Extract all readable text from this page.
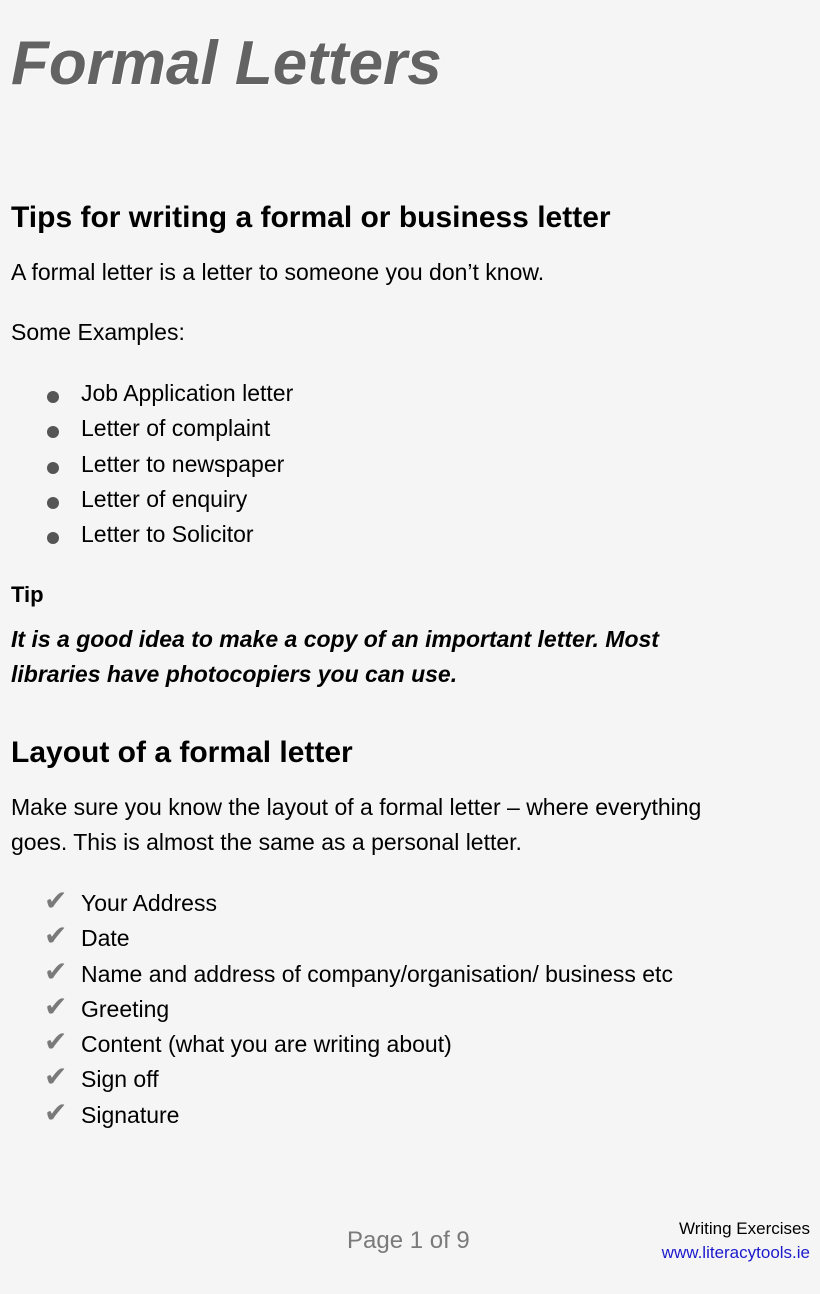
Formal Letters
Tips for writing a formal or business letter

A formal letter is a letter to someone you don’t know.

Some Examples:

Job Application letter
Letter of complaint
Letter to newspaper
Letter of enquiry
Letter to Solicitor
Tip
It is a good idea to make a copy of an important letter. Most
libraries have photocopiers you can use.
Layout of a formal letter
Make sure you know the layout of a formal letter – where everything
goes. This is almost the same as a personal letter.
✔ Your Address
✔ Date
✔ Name and address of company/organisation/ business etc
✔ Greeting
✔ Content (what you are writing about)
✔ Sign off
✔ Signature
Page 1 of 9	Writing Exercises
www.literacytools.ie
